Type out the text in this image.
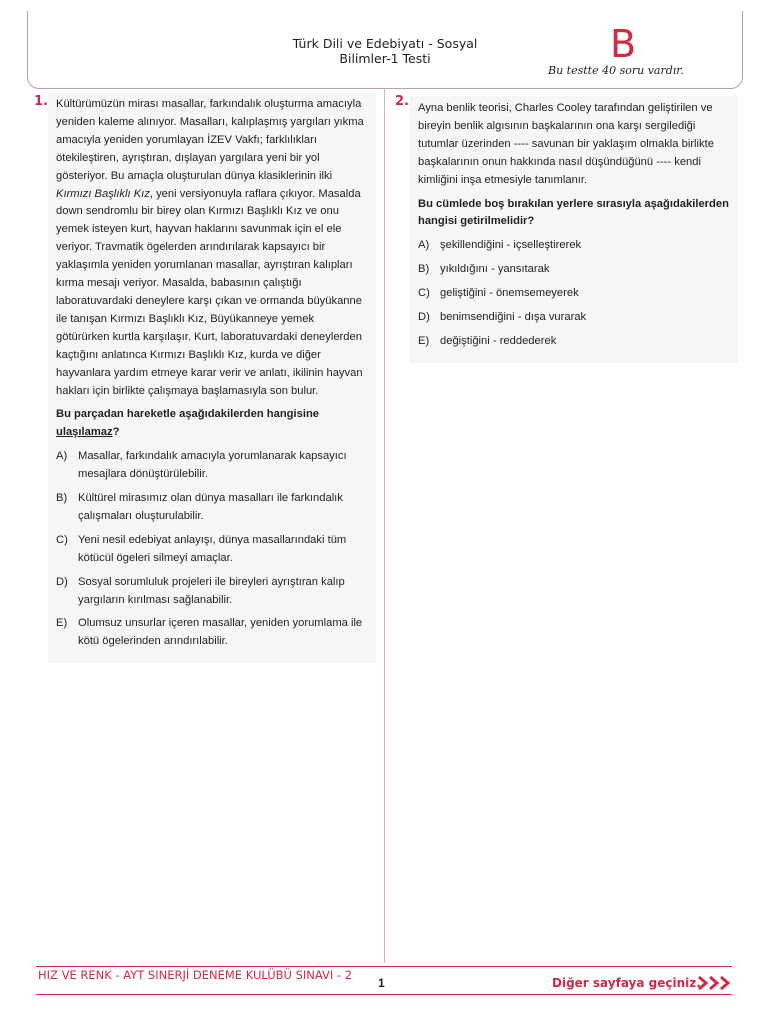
Türk Dili ve Edebiyatı - Sosyal
Bilimler-1 Testi	B
Bu testte 40 soru vardır.
1. Kültürümüzün mirası masallar, farkındalık oluşturma amacıyla yeniden kaleme alınıyor. Masalları, kalıplaşmış yargıları yıkma amacıyla yeniden yorumlayan İZEV Vakfı; farklılıkları ötekileştiren, ayrıştıran, dışlayan yargılara yeni bir yol gösteriyor. Bu amaçla oluşturulan dünya klasiklerinin ilki Kırmızı Başlıklı Kız, yeni versiyonuyla raflara çıkıyor. Masalda down sendromlu bir birey olan Kırmızı Başlıklı Kız ve onu yemek isteyen kurt, hayvan haklarını savunmak için el ele veriyor. Travmatik ögelerden arındırılarak kapsayıcı bir yaklaşımla yeniden yorumlanan masallar, ayrıştıran kalıpları kırma mesajı veriyor. Masalda, babasının çalıştığı laboratuvardaki deneylere karşı çıkan ve ormanda büyükanne ile tanışan Kırmızı Başlıklı Kız, Büyükanneye yemek götürürken kurtla karşılaşır. Kurt, laboratuvardaki deneylerden kaçtığını anlatınca Kırmızı Başlıklı Kız, kurda ve diğer hayvanlara yardım etmeye karar verir ve anlatı, ikilinin hayvan hakları için birlikte çalışmaya başlamasıyla son bulur.

Bu parçadan hareketle aşağıdakilerden hangisine ulaşılamaz?

A) Masallar, farkındalık amacıyla yorumlanarak kapsayıcı mesajlara dönüştürülebilir.
B) Kültürel mirasımız olan dünya masalları ile farkındalık çalışmaları oluşturulabilir.
C) Yeni nesil edebiyat anlayışı, dünya masallarındaki tüm kötücül ögeleri silmeyi amaçlar.
D) Sosyal sorumluluk projeleri ile bireyleri ayrıştıran kalıp yargıların kırılması sağlanabilir.
E) Olumsuz unsurlar içeren masallar, yeniden yorumlama ile kötü ögelerinden arındırılabilir.
2. Ayna benlik teorisi, Charles Cooley tarafından geliştirilen ve bireyin benlik algısının başkalarının ona karşı sergilediği tutumlar üzerinden ---- savunan bir yaklaşım olmakla birlikte başkalarının onun hakkında nasıl düşündüğünü ---- kendi kimliğini inşa etmesiyle tanımlanır.

Bu cümlede boş bırakılan yerlere sırasıyla aşağıdakilerden hangisi getirilmelidir?

A) şekillendiğini - içselleştirerek
B) yıkıldığını - yansıtarak
C) geliştiğini - önemsemeyerek
D) benimsendiğini - dışa vurarak
E) değiştiğini - reddederek
HIZ VE RENK - AYT SINERJİ DENEME KULÜBÜ SINAVI - 2
1	Diğer sayfaya geçiniz.
